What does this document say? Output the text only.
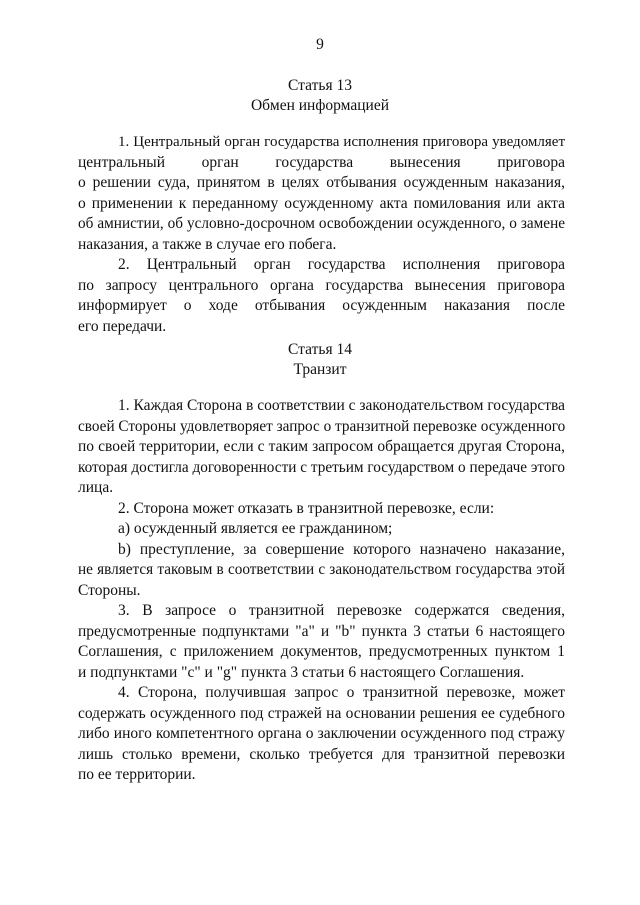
9
Статья 13
Обмен информацией

1. Центральный орган государства исполнения приговора уведомляет
центральный орган государства вынесения приговора
о решении суда, принятом в целях отбывания осужденным наказания,
о применении к переданному осужденному акта помилования или акта
об амнистии, об условно-досрочном освобождении осужденного, о замене
наказания, а также в случае его побега.

2. Центральный орган государства исполнения приговора
по запросу центрального органа государства вынесения приговора
информирует о ходе отбывания осужденным наказания после
его передачи.

Статья 14
Транзит

1. Каждая Сторона в соответствии с законодательством государства
своей Стороны удовлетворяет запрос о транзитной перевозке осужденного
по своей территории, если с таким запросом обращается другая Сторона,
которая достигла договоренности с третьим государством о передаче этого
лица.

2. Сторона может отказать в транзитной перевозке, если:

а) осужденный является ее гражданином;

b) преступление, за совершение которого назначено наказание,
не является таковым в соответствии с законодательством государства этой
Стороны.

3. В запросе о транзитной перевозке содержатся сведения,
предусмотренные подпунктами "a" и "b" пункта 3 статьи 6 настоящего
Соглашения, с приложением документов, предусмотренных пунктом 1
и подпунктами "c" и "g" пункта 3 статьи 6 настоящего Соглашения.

4. Сторона, получившая запрос о транзитной перевозке, может
содержать осужденного под стражей на основании решения ее судебного
либо иного компетентного органа о заключении осужденного под стражу
лишь столько времени, сколько требуется для транзитной перевозки
по ее территории.
